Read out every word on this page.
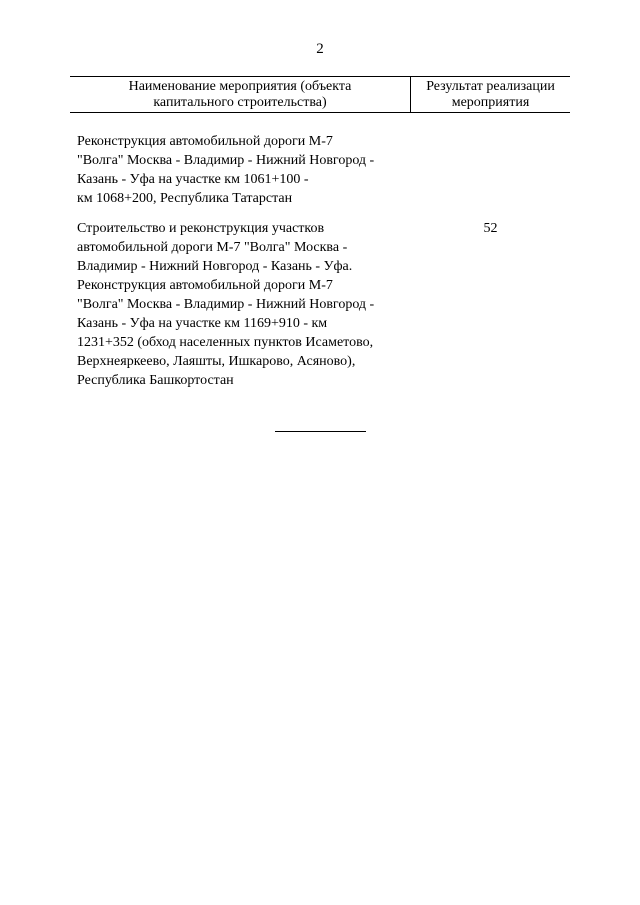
2
Наименование мероприятия (объекта
капитального строительства)
Результат реализации
мероприятия
Реконструкция автомобильной дороги М-7
"Волга" Москва - Владимир - Нижний Новгород -
Казань - Уфа на участке км 1061+100 -
км 1068+200, Республика Татарстан
Строительство и реконструкция участков
автомобильной дороги М-7 "Волга" Москва -
Владимир - Нижний Новгород - Казань - Уфа.
Реконструкция автомобильной дороги М-7
"Волга" Москва - Владимир - Нижний Новгород -
Казань - Уфа на участке км 1169+910 - км
1231+352 (обход населенных пунктов Исаметово,
Верхнеяркеево, Лаяшты, Ишкарово, Асяново),
Республика Башкортостан
52
